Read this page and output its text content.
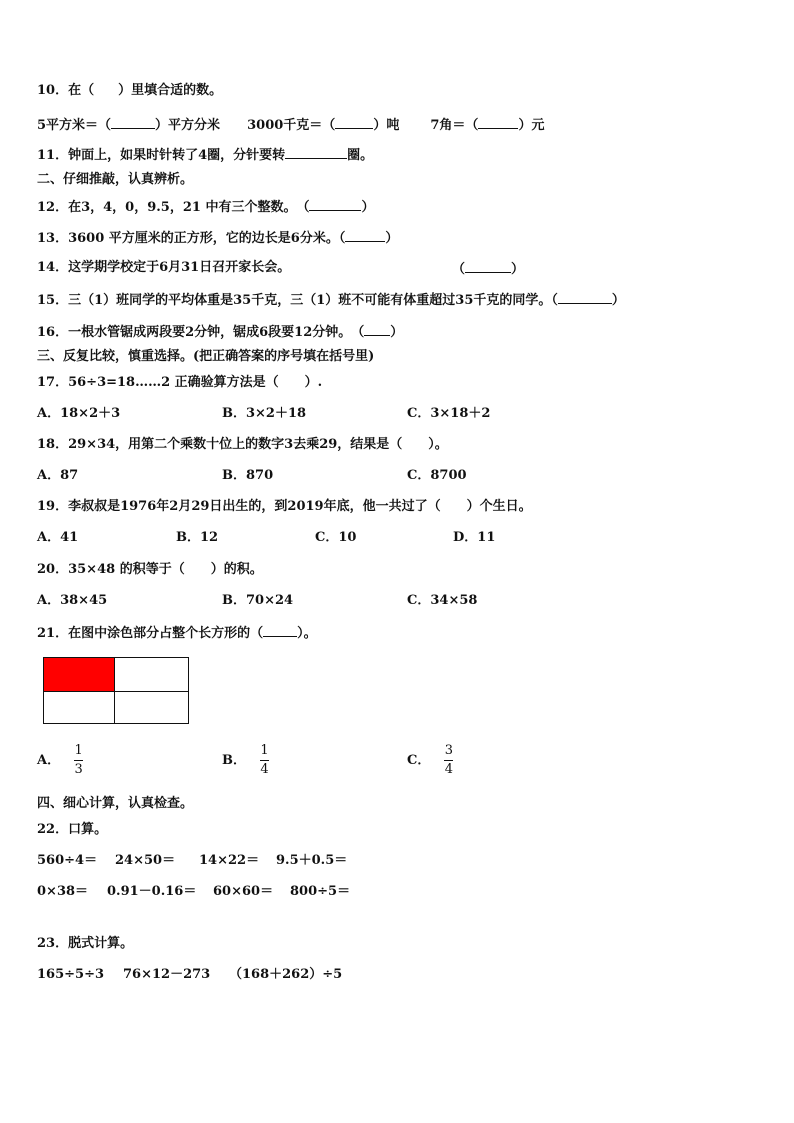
10．在（ ）里填合适的数。
5平方米＝（	）平方分米 3000千克＝（	）吨 7角＝（	）元
11．钟面上，如果时针转了4圈，分针要转	圈。
二、仔细推敲，认真辨析。
12．在3，4，0，9.5，21 中有三个整数。　（	）
13．3600 平方厘米的正方形，它的边长是6分米。（	）
14．这学期学校定于6月31日召开家长会。	（	）
15．三（1）班同学的平均体重是35千克，三（1）班不可能有体重超过35千克的同学。（	）
16．一根水管锯成两段要2分钟，锯成6段要12分钟。　（ ）
三、反复比较，慎重选择。(把正确答案的序号填在括号里)
17．56÷3=18……2 正确验算方法是（　　）.
A．18×2＋3	B．3×2＋18	C．3×18＋2
18．29×34，用第二个乘数十位上的数字3去乘29，结果是（　　）。
A．87	B．870	C．8700
19．李叔叔是1976年2月29日出生的，到2019年底，他一共过了（　　）个生日。
A．41	B．12	C．10	D．11
20．35×48 的积等于（　　）的积。
A．38×45	B．70×24	C．34×58
21．在图中涂色部分占整个长方形的（	）。
A． $\frac{1}{3}$	B． $\frac{1}{4}$	C． $\frac{3}{4}$
四、细心计算，认真检查。
22．口算。
560÷4＝ 24×50＝ 14×22＝ 9.5＋0.5＝
0×38＝ 0.91－0.16＝ 60×60＝ 800÷5＝
23．脱式计算。
165÷5÷3 76×12－273 （168＋262）÷5
